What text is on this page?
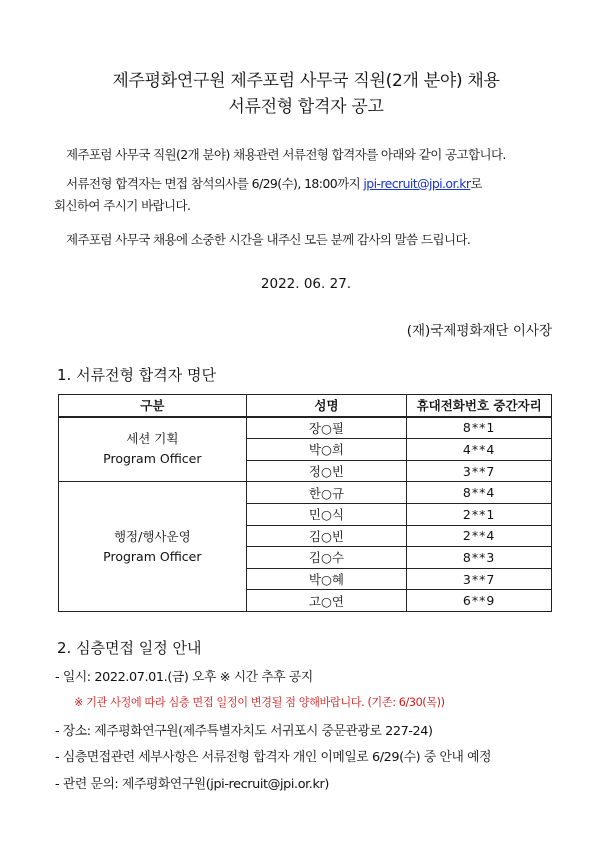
제주평화연구원 제주포럼 사무국 직원(2개 분야) 채용
서류전형 합격자 공고
제주포럼 사무국 직원(2개 분야) 채용관련 서류전형 합격자를 아래와 같이 공고합니다.
서류전형 합격자는 면접 참석의사를 6/29(수), 18:00까지 jpi-recruit@jpi.or.kr로
회신하여 주시기 바랍니다.
제주포럼 사무국 채용에 소중한 시간을 내주신 모든 분께 감사의 말씀 드립니다.
2022. 06. 27.
(재)국제평화재단 이사장
1. 서류전형 합격자 명단
구분	성명	휴대전화번호 중간자리

세션 기획
Program Officer	장○필	8**1
	박○희	4**4
	정○빈	3**7

행정/행사운영
Program Officer	한○규	8**4
	민○식	2**1
	김○빈	2**4
	김○수	8**3
	박○혜	3**7
	고○연	6**9
2. 심층면접 일정 안내
- 일시: 2022.07.01.(금) 오후 ※ 시간 추후 공지
※ 기관 사정에 따라 심층 면접 일정이 변경될 점 양해바랍니다. (기존: 6/30(목))
- 장소: 제주평화연구원(제주특별자치도 서귀포시 중문관광로 227-24)
- 심층면접관련 세부사항은 서류전형 합격자 개인 이메일로 6/29(수) 중 안내 예정
- 관련 문의: 제주평화연구원(jpi-recruit@jpi.or.kr)
